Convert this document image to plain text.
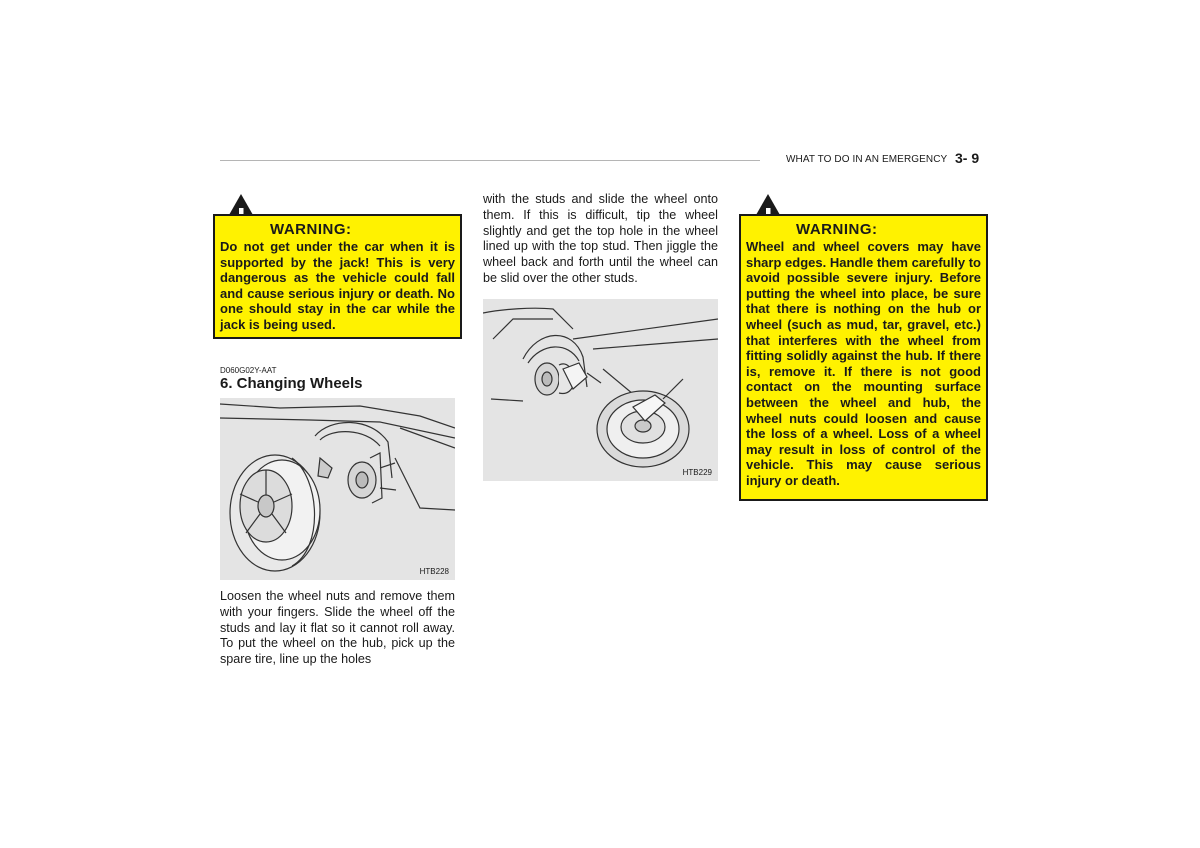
WHAT TO DO IN AN EMERGENCY 3- 9
WARNING:
Do not get under the car when it is supported by the jack! This is very dangerous as the vehicle could fall and cause serious injury or death. No one should stay in the car while the jack is being used.
D060G02Y-AAT
6. Changing Wheels
HTB228
Loosen the wheel nuts and remove them with your fingers. Slide the wheel off the studs and lay it flat so it cannot roll away. To put the wheel on the hub, pick up the spare tire, line up the holes
with the studs and slide the wheel onto them. If this is difficult, tip the wheel slightly and get the top hole in the wheel lined up with the top stud. Then jiggle the wheel back and forth until the wheel can be slid over the other studs.
HTB229
WARNING:
Wheel and wheel covers may have sharp edges. Handle them carefully to avoid possible severe injury. Before putting the wheel into place, be sure that there is nothing on the hub or wheel (such as mud, tar, gravel, etc.) that interferes with the wheel from fitting solidly against the hub. If there is, remove it. If there is not good contact on the mounting surface between the wheel and hub, the wheel nuts could loosen and cause the loss of a wheel. Loss of a wheel may result in loss of control of the vehicle. This may cause serious injury or death.
